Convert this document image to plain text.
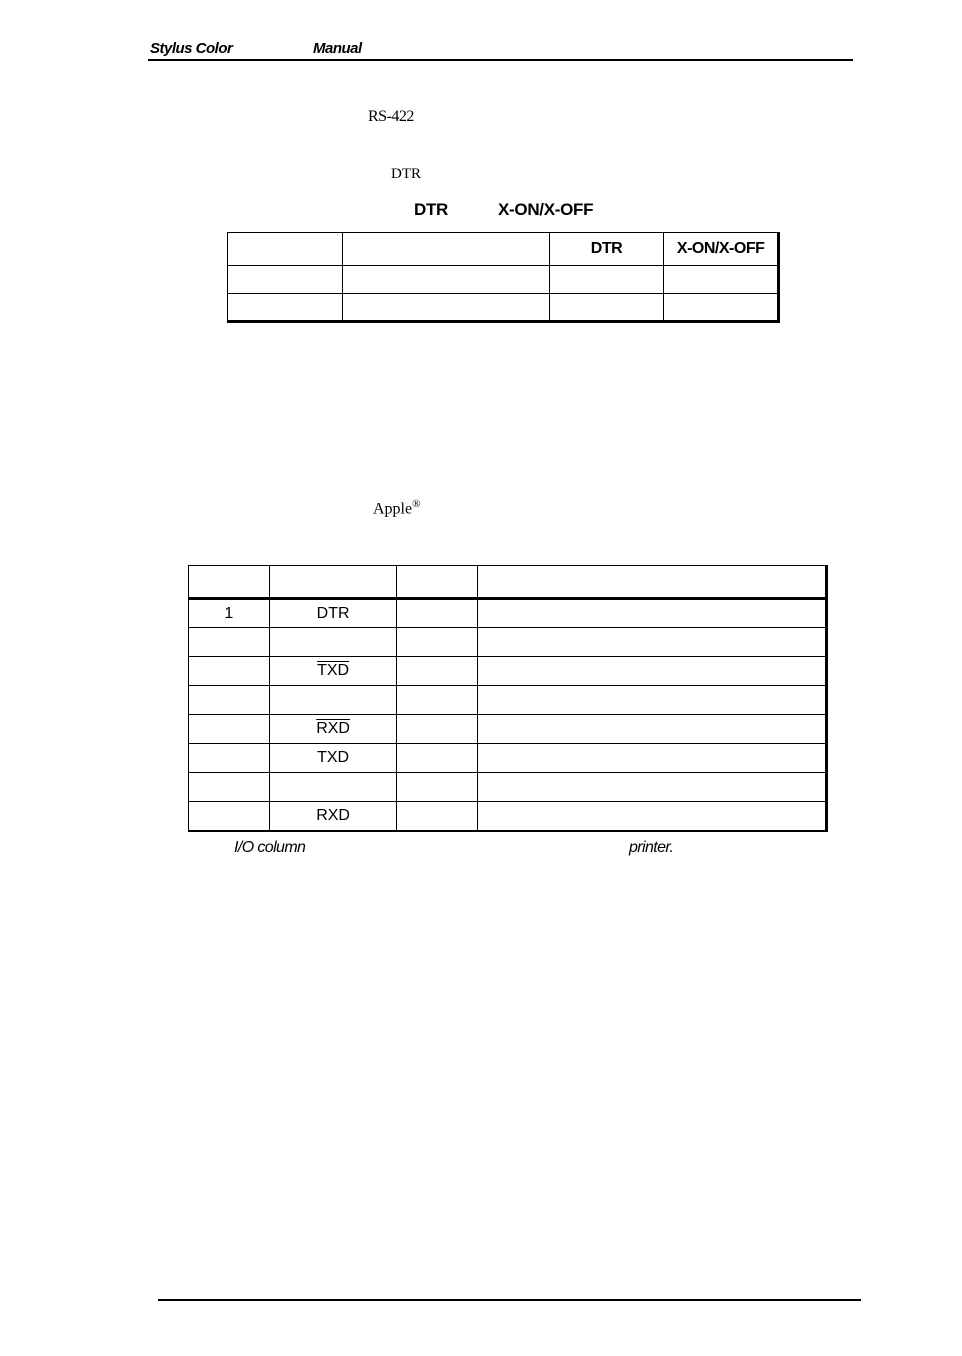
Stylus Color	Manual
RS-422
DTR
DTR	X-ON/X-OFF
		DTR	X-ON/X-OFF

Apple®

1	DTR		

	$\overline{TXD}$		

	$\overline{RXD}$		
	TXD		

	RXD		
I/O column	printer.
